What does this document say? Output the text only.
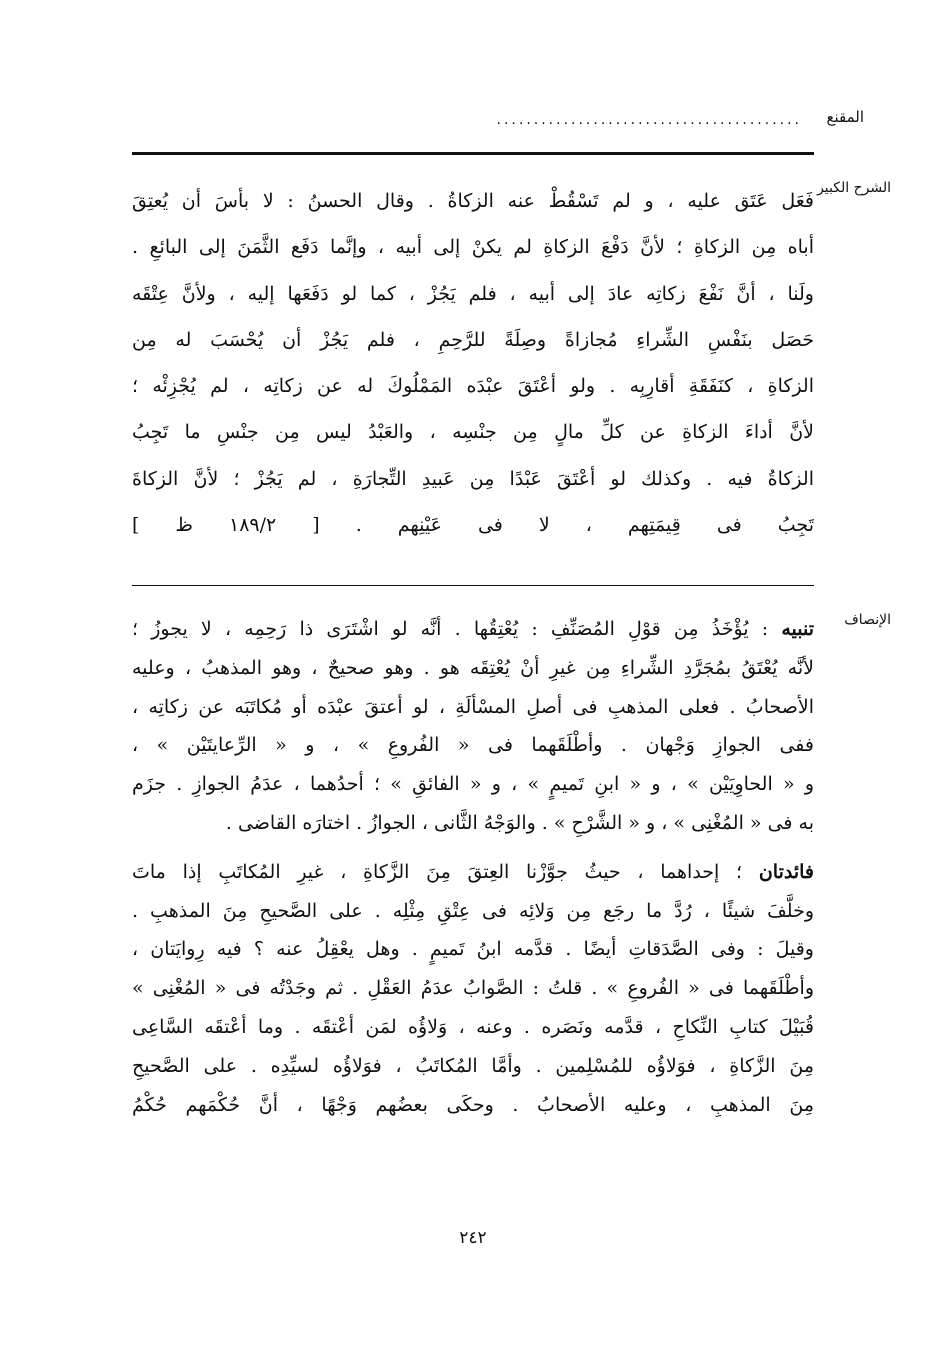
المقنع
.........................................
الشرح الكبير
فَعَل عَتَق عليه ، و لم تَسْقُطْ عنه الزكاةُ . وقال الحسنُ : لا بأسَ أن يُعتِقَ
أباه مِن الزكاةِ ؛ لأنَّ دَفْعَ الزكاةِ لم يكنْ إلى أبيه ، وإنَّما دَفَع الثَّمَنَ إلى البائعِ .
ولَنا ، أنَّ نَفْعَ زكاتِه عادَ إلى أبيه ، فلم يَجُزْ ، كما لو دَفَعَها إليه ، ولأنَّ عِتْقَه
حَصَل بنَفْسِ الشِّراءِ مُجازاةً وصِلَةً للرَّحِمِ ، فلم يَجُزْ أن يُحْسَبَ له مِن
الزكاةِ ، كنَفَقَةِ أقارِبِه . ولو أعْتَقَ عبْدَه المَمْلُوكَ له عن زكاتِه ، لم يُجْزِئْه ؛
لأنَّ أداءَ الزكاةِ عن كلِّ مالٍ مِن جنْسِه ، والعَبْدُ ليس مِن جنْسِ ما تَجِبُ
الزكاةُ فيه . وكذلك لو أعْتَقَ عَبْدًا مِن عَبيدِ التِّجارَةِ ، لم يَجُزْ ؛ لأنَّ الزكاةَ
تَجِبُ فى قِيمَتِهم ، لا فى عَيْنِهم . [ ١٨٩/٢ ظ ]
الإنصاف
تنبيه : يُؤْخَذُ مِن قوْلِ المُصَنِّفِ : يُعْتِقُها . أنَّه لو اشْتَرَى ذا رَحِمِه ، لا يجوزُ ؛
لأنَّه يُعْتَقُ بمُجَرَّدِ الشِّراءِ مِن غيرِ أنْ يُعْتِقَه هو . وهو صحيحٌ ، وهو المذهبُ ، وعليه
الأصحابُ . فعلى المذهبِ فى أصلِ المسْألَةِ ، لو أعتقَ عبْدَه أو مُكاتَبَه عن زكاتِه ،
ففى الجوازِ وَجْهان . وأطْلَقَهما فى « الفُروعِ » ، و « الرِّعايتَيْن » ،
و « الحاوِيَيْن » ، و « ابنِ تَميمٍ » ، و « الفائقِ » ؛ أحدُهما ، عدَمُ الجوازِ . جزَم
به فى « المُغْنِى » ، و « الشَّرْحِ » . والوَجْهُ الثَّانى ، الجوازُ . اختارَه القاضى .
فائدتان ؛ إحداهما ، حيثُ جوَّزْنا العِتقَ مِنَ الزَّكاةِ ، غيرِ المُكاتَبِ إذا ماتَ
وخلَّفَ شيئًا ، رُدَّ ما رجَع مِن وَلائِه فى عِتْقِ مِثْلِه . على الصَّحيحِ مِنَ المذهبِ .
وقيلَ : وفى الصَّدَقاتِ أيضًا . قدَّمه ابنُ تَميمٍ . وهل يعْقِلُ عنه ؟ فيه رِوايَتان ،
وأطْلَقَهما فى « الفُروعِ » . قلتُ : الصَّوابُ عدَمُ العَقْلِ . ثم وجَدْتُه فى « المُغْنِى »
قُبَيْلَ كتابِ النِّكاحِ ، قدَّمه ونَصَره . وعنه ، وَلاؤُه لمَن أعْتقَه . وما أعْتقَه السَّاعِى
مِنَ الزَّكاةِ ، فوَلاؤُه للمُسْلِمين . وأمَّا المُكاتَبُ ، فوَلاؤُه لسيِّدِه . على الصَّحيحِ
مِنَ المذهبِ ، وعليه الأصحابُ . وحكَى بعضُهم وَجْهًا ، أنَّ حُكْمَهم حُكْمُ
٢٤٢
